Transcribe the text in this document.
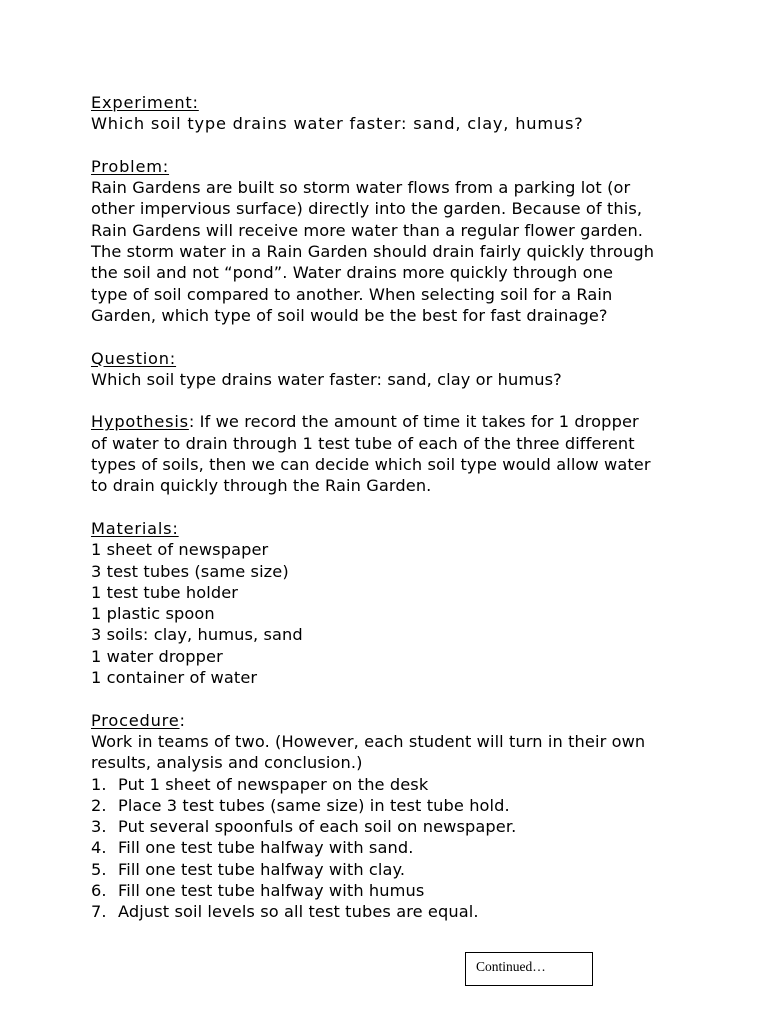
Experiment:
Which soil type drains water faster: sand, clay, humus?
Problem:
Rain Gardens are built so storm water flows from a parking lot (or
other impervious surface) directly into the garden. Because of this,
Rain Gardens will receive more water than a regular flower garden.
The storm water in a Rain Garden should drain fairly quickly through
the soil and not “pond”. Water drains more quickly through one
type of soil compared to another. When selecting soil for a Rain
Garden, which type of soil would be the best for fast drainage?
Question:
Which soil type drains water faster: sand, clay or humus?
Hypothesis: If we record the amount of time it takes for 1 dropper
of water to drain through 1 test tube of each of the three different
types of soils, then we can decide which soil type would allow water
to drain quickly through the Rain Garden.
Materials:
1 sheet of newspaper
3 test tubes (same size)
1 test tube holder
1 plastic spoon
3 soils: clay, humus, sand
1 water dropper
1 container of water
Procedure:
Work in teams of two. (However, each student will turn in their own
results, analysis and conclusion.)
1. Put 1 sheet of newspaper on the desk
2. Place 3 test tubes (same size) in test tube hold.
3. Put several spoonfuls of each soil on newspaper.
4. Fill one test tube halfway with sand.
5. Fill one test tube halfway with clay.
6. Fill one test tube halfway with humus
7. Adjust soil levels so all test tubes are equal.
Continued…
